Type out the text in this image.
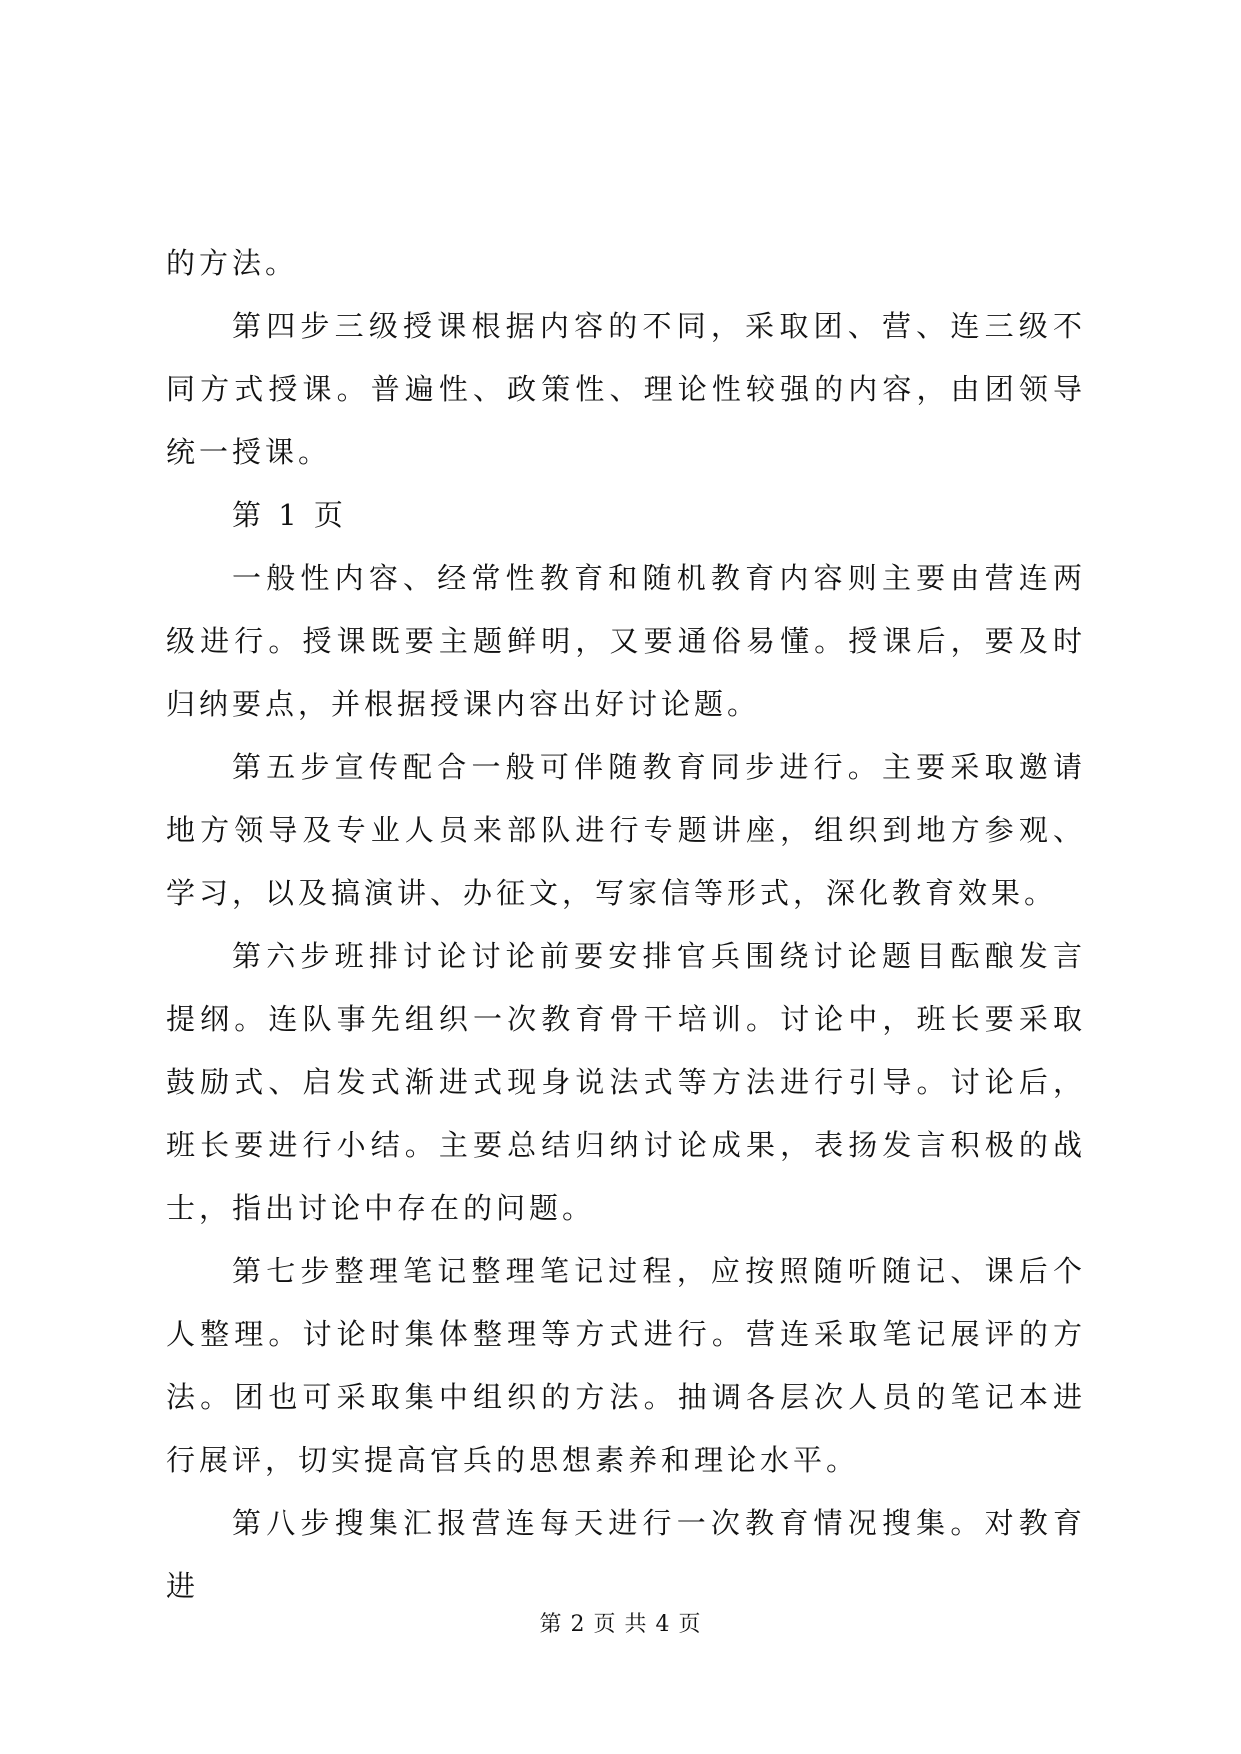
的方法。

第四步三级授课根据内容的不同，采取团、营、连三级不同方式授课。普遍性、政策性、理论性较强的内容，由团领导统一授课。

第 1 页

一般性内容、经常性教育和随机教育内容则主要由营连两级进行。授课既要主题鲜明，又要通俗易懂。授课后，要及时归纳要点，并根据授课内容出好讨论题。

第五步宣传配合一般可伴随教育同步进行。主要采取邀请地方领导及专业人员来部队进行专题讲座，组织到地方参观、学习，以及搞演讲、办征文，写家信等形式，深化教育效果。

第六步班排讨论讨论前要安排官兵围绕讨论题目酝酿发言提纲。连队事先组织一次教育骨干培训。讨论中，班长要采取鼓励式、启发式渐进式现身说法式等方法进行引导。讨论后，班长要进行小结。主要总结归纳讨论成果，表扬发言积极的战士，指出讨论中存在的问题。

第七步整理笔记整理笔记过程，应按照随听随记、课后个人整理。讨论时集体整理等方式进行。营连采取笔记展评的方法。团也可采取集中组织的方法。抽调各层次人员的笔记本进行展评，切实提高官兵的思想素养和理论水平。

第八步搜集汇报营连每天进行一次教育情况搜集。对教育进

第 2 页 共 4 页
